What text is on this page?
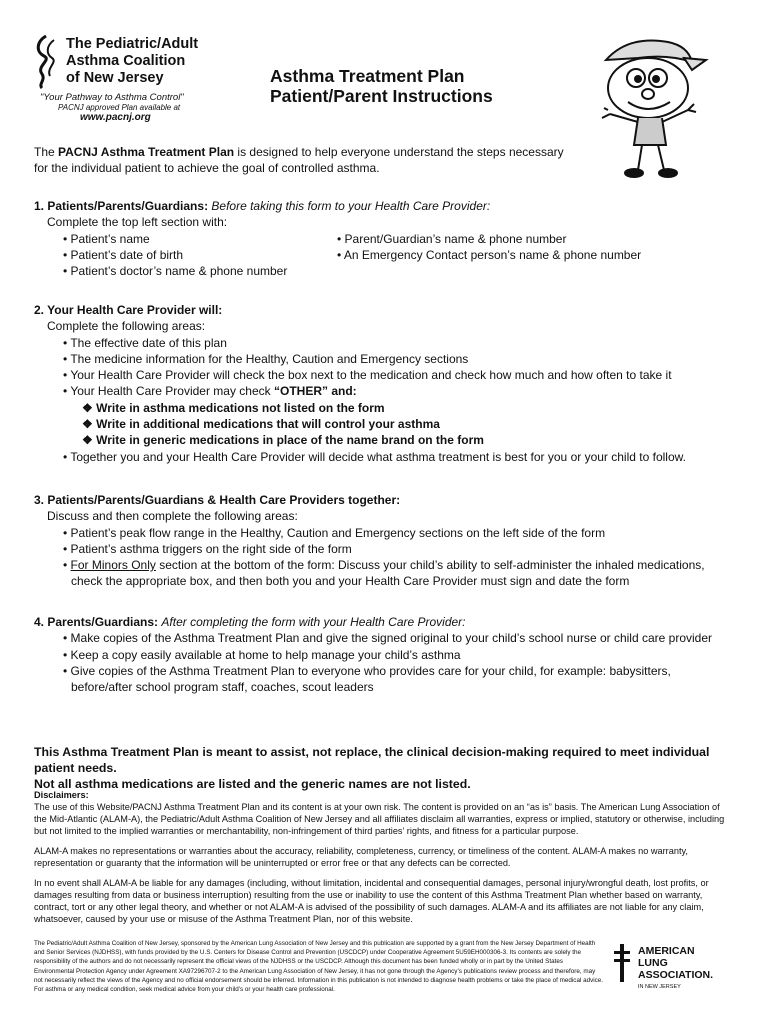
The Pediatric/Adult
Asthma Coalition
of New Jersey
"Your Pathway to Asthma Control"
PACNJ approved Plan available at
www.pacnj.org
Asthma Treatment Plan
Patient/Parent Instructions
The PACNJ Asthma Treatment Plan is designed to help everyone understand the steps necessary for the individual patient to achieve the goal of controlled asthma.
1. Patients/Parents/Guardians: Before taking this form to your Health Care Provider:
Complete the top left section with:
• Patient’s name
• Patient’s date of birth
• Patient’s doctor’s name & phone number
• Parent/Guardian’s name & phone number
• An Emergency Contact person’s name & phone number
2. Your Health Care Provider will:
Complete the following areas:
• The effective date of this plan
• The medicine information for the Healthy, Caution and Emergency sections
• Your Health Care Provider will check the box next to the medication and check how much and how often to take it
• Your Health Care Provider may check “OTHER” and:
❖ Write in asthma medications not listed on the form
❖ Write in additional medications that will control your asthma
❖ Write in generic medications in place of the name brand on the form
• Together you and your Health Care Provider will decide what asthma treatment is best for you or your child to follow.
3. Patients/Parents/Guardians & Health Care Providers together:
Discuss and then complete the following areas:
• Patient’s peak flow range in the Healthy, Caution and Emergency sections on the left side of the form
• Patient’s asthma triggers on the right side of the form
• For Minors Only section at the bottom of the form: Discuss your child’s ability to self-administer the inhaled medications,
check the appropriate box, and then both you and your Health Care Provider must sign and date the form
4. Parents/Guardians: After completing the form with your Health Care Provider:
• Make copies of the Asthma Treatment Plan and give the signed original to your child’s school nurse or child care provider
• Keep a copy easily available at home to help manage your child’s asthma
• Give copies of the Asthma Treatment Plan to everyone who provides care for your child, for example: babysitters,
before/after school program staff, coaches, scout leaders
This Asthma Treatment Plan is meant to assist, not replace, the clinical decision-making required to meet individual patient needs.
Not all asthma medications are listed and the generic names are not listed.
Disclaimers:

The use of this Website/PACNJ Asthma Treatment Plan and its content is at your own risk. The content is provided on an “as is” basis. The American Lung Association of the Mid-Atlantic (ALAM-A), the Pediatric/Adult Asthma Coalition of New Jersey and all affiliates disclaim all warranties, express or implied, statutory or otherwise, including but not limited to the implied warranties or merchantability, non-infringement of third parties’ rights, and fitness for a particular purpose.

ALAM-A makes no representations or warranties about the accuracy, reliability, completeness, currency, or timeliness of the content. ALAM-A makes no warranty, representation or guaranty that the information will be uninterrupted or error free or that any defects can be corrected.

In no event shall ALAM-A be liable for any damages (including, without limitation, incidental and consequential damages, personal injury/wrongful death, lost profits, or damages resulting from data or business interruption) resulting from the use or inability to use the content of this Asthma Treatment Plan whether based on warranty, contract, tort or any other legal theory, and whether or not ALAM-A is advised of the possibility of such damages. ALAM-A and its affiliates are not liable for any claim, whatsoever, caused by your use or misuse of the Asthma Treatment Plan, nor of this website.

The Pediatric/Adult Asthma Coalition of New Jersey, sponsored by the American Lung Association of New Jersey and this publication are supported by a grant from the New Jersey Department of Health and Senior Services (NJDHSS), with funds provided by the U.S. Centers for Disease Control and Prevention (USCDCP) under Cooperative Agreement 5U59EH000306-3. Its contents are solely the responsibility of the authors and do not necessarily represent the official views of the NJDHSS or the USCDCP. Although this document has been funded wholly or in part by the United States Environmental Protection Agency under Agreement XA97296707-2 to the American Lung Association of New Jersey, it has not gone through the Agency’s publications review process and therefore, may not necessarily reflect the views of the Agency and no official endorsement should be inferred. Information in this publication is not intended to diagnose health problems or take the place of medical advice. For asthma or any medical condition, seek medical advice from your child’s or your health care professional.
AMERICAN
LUNG
ASSOCIATION.
IN NEW JERSEY
